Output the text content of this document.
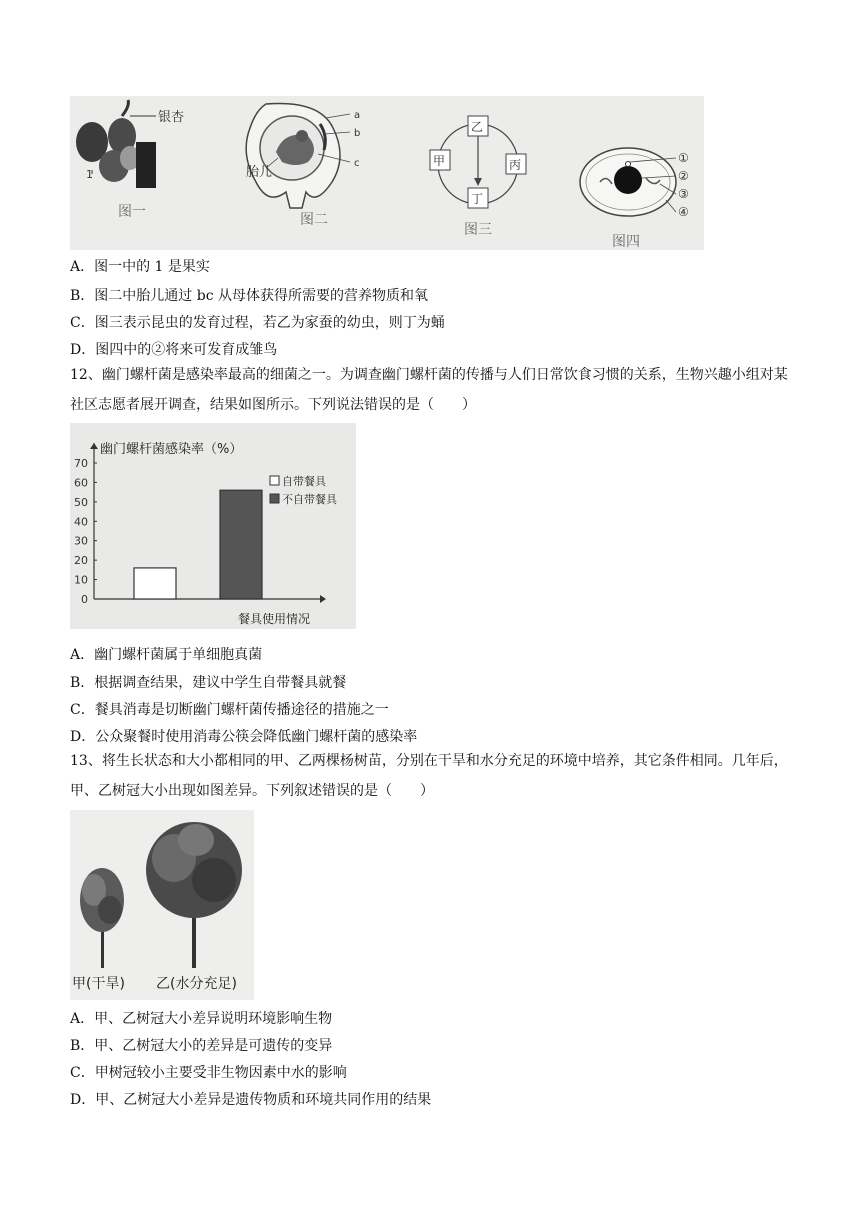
银杏
1
图一
a
b
c
胎儿
图二
乙
甲	丙
丁
图三
①
②
③
④
图四
A．图一中的 1 是果实
B．图二中胎儿通过 bc 从母体获得所需要的营养物质和氧
C．图三表示昆虫的发育过程，若乙为家蚕的幼虫，则丁为蛹
D．图四中的②将来可发育成雏鸟
12、幽门螺杆菌是感染率最高的细菌之一。为调查幽门螺杆菌的传播与人们日常饮食习惯的关系，生物兴趣小组对某社区志愿者展开调查，结果如图所示。下列说法错误的是（　　）
幽门螺杆菌感染率（%）
0
10
20
30
40
50
60
70
自带餐具
不自带餐具
餐具使用情况
A．幽门螺杆菌属于单细胞真菌
B．根据调查结果，建议中学生自带餐具就餐
C．餐具消毒是切断幽门螺杆菌传播途径的措施之一
D．公众聚餐时使用消毒公筷会降低幽门螺杆菌的感染率
13、将生长状态和大小都相同的甲、乙两棵杨树苗，分别在干旱和水分充足的环境中培养，其它条件相同。几年后，甲、乙树冠大小出现如图差异。下列叙述错误的是（　　）
甲(干旱) 乙(水分充足)
A．甲、乙树冠大小差异说明环境影响生物
B．甲、乙树冠大小的差异是可遗传的变异
C．甲树冠较小主要受非生物因素中水的影响
D．甲、乙树冠大小差异是遗传物质和环境共同作用的结果
